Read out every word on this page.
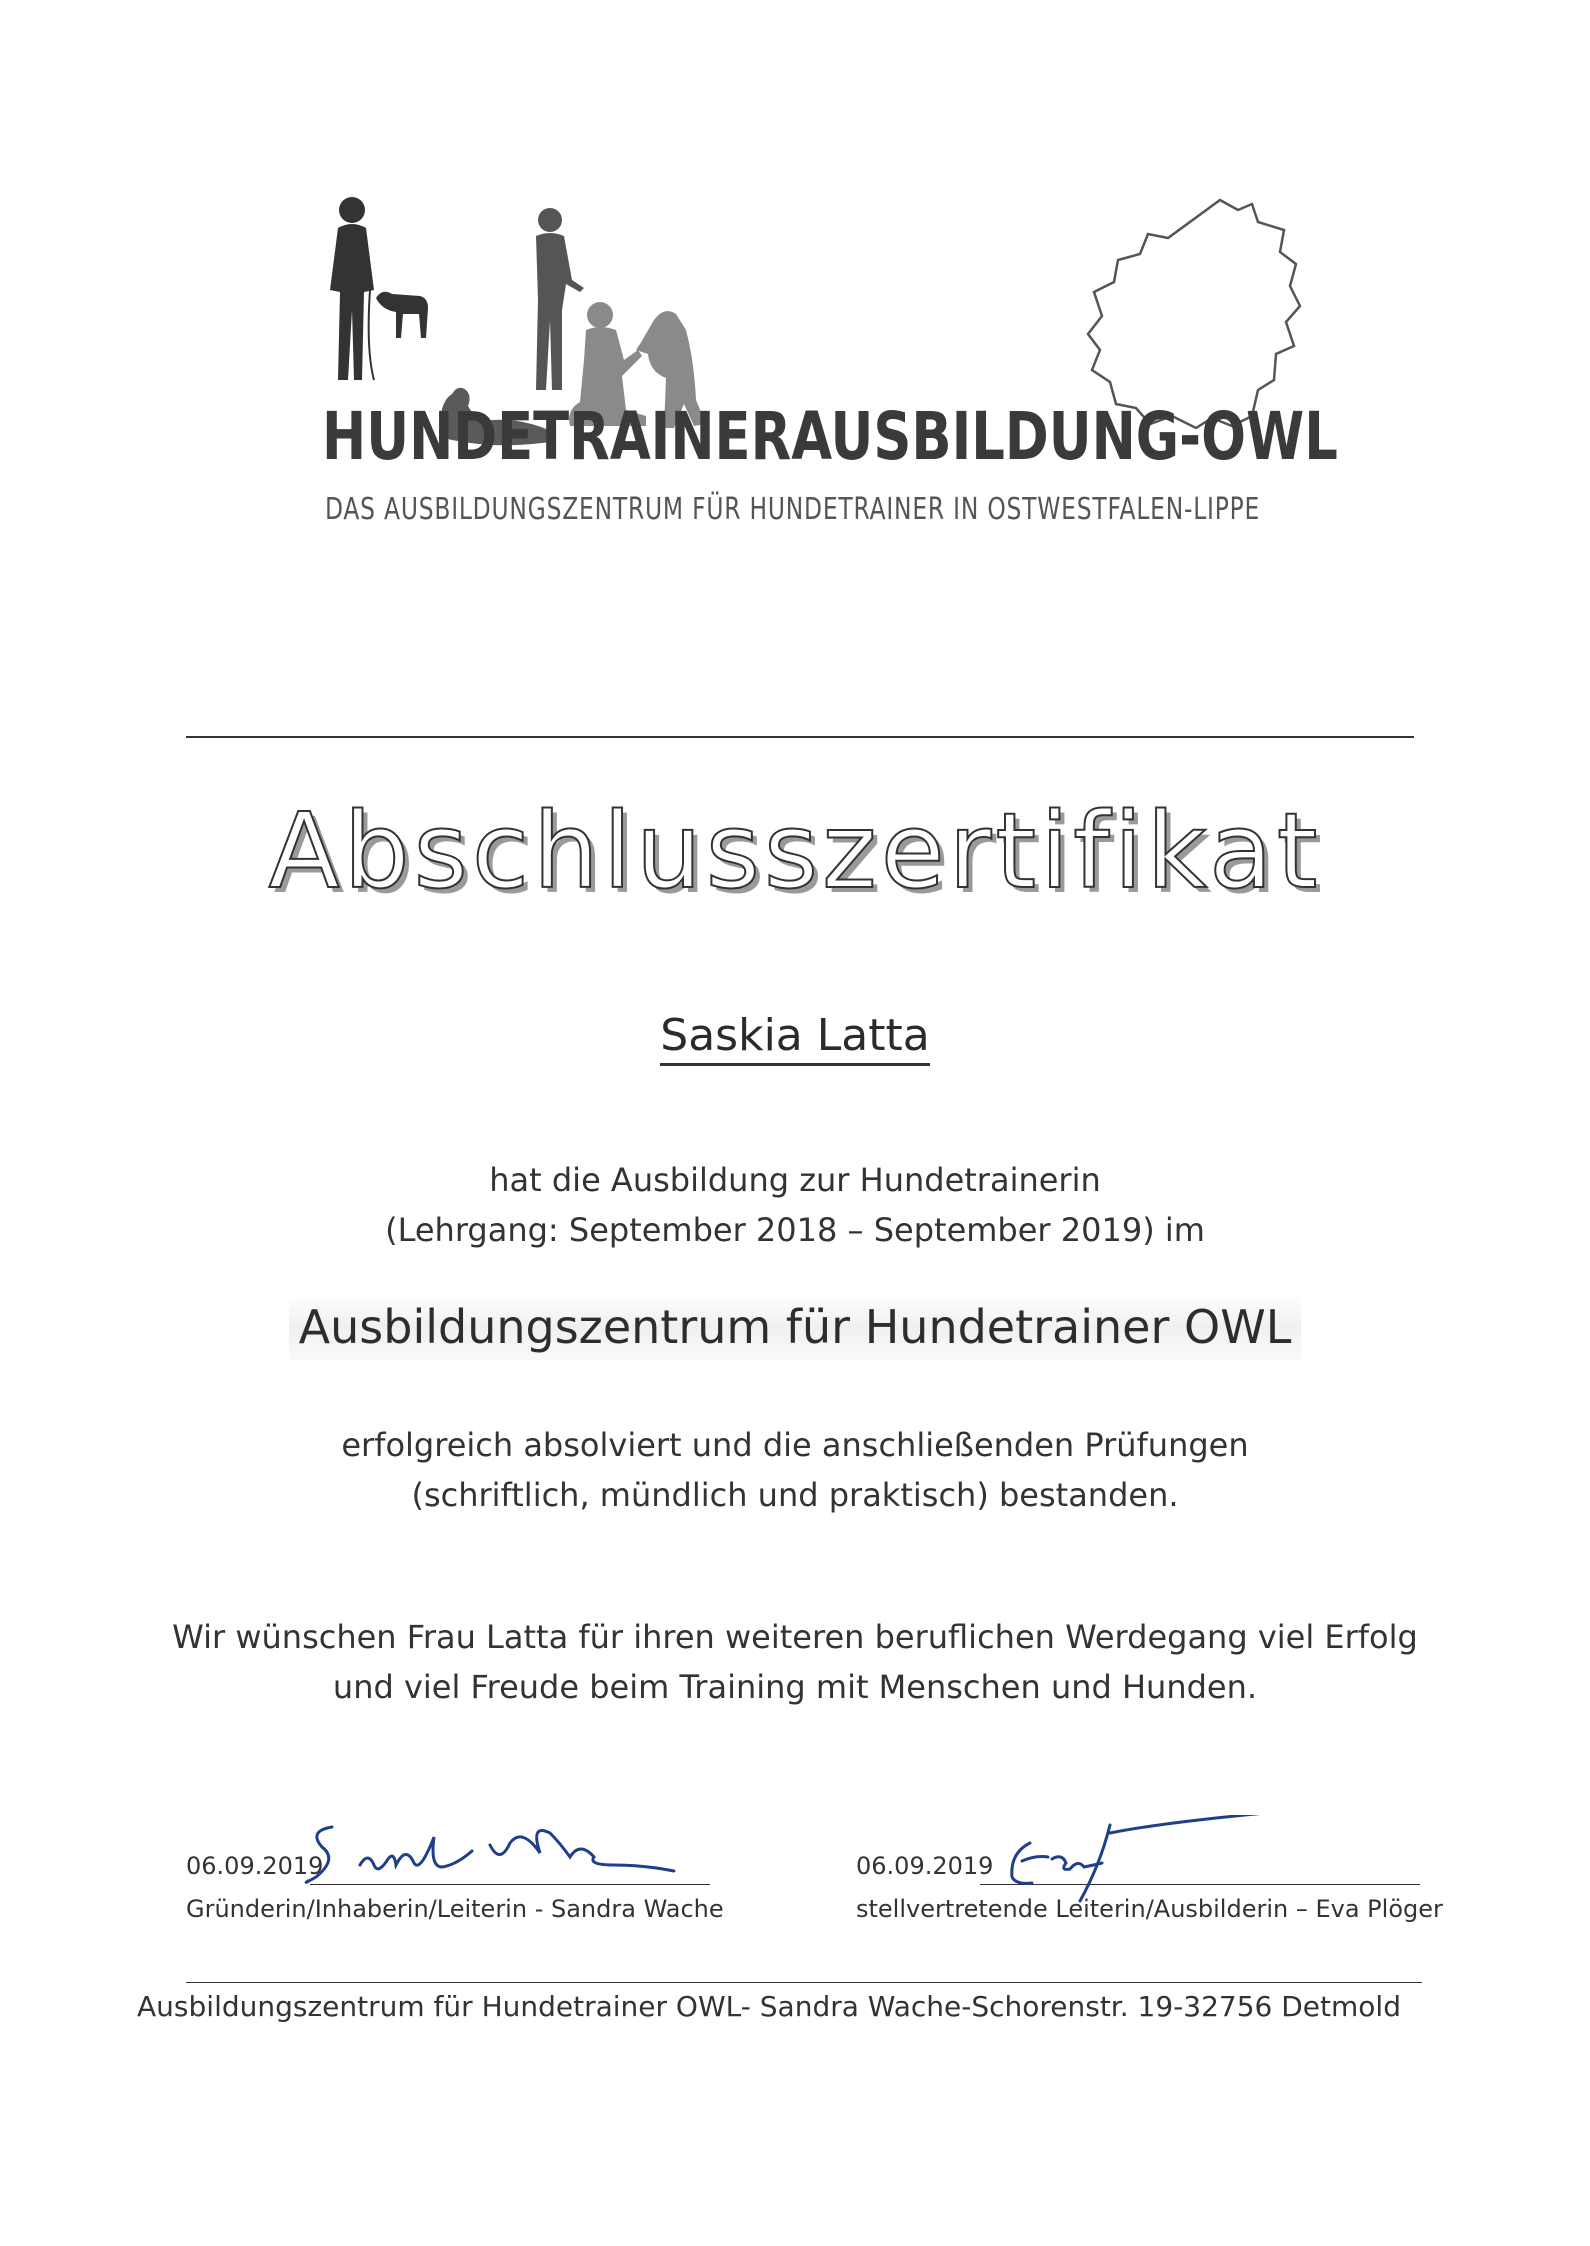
HUNDETRAINERAUSBILDUNG-OWL
DAS AUSBILDUNGSZENTRUM FÜR HUNDETRAINER IN OSTWESTFALEN-LIPPE
Abschlusszertifikat
Saskia Latta
hat die Ausbildung zur Hundetrainerin
(Lehrgang: September 2018 – September 2019) im
Ausbildungszentrum für Hundetrainer OWL
erfolgreich absolviert und die anschließenden Prüfungen
(schriftlich, mündlich und praktisch) bestanden.
Wir wünschen Frau Latta für ihren weiteren beruflichen Werdegang viel Erfolg
und viel Freude beim Training mit Menschen und Hunden.
06.09.2019
Gründerin/Inhaberin/Leiterin - Sandra Wache
06.09.2019
stellvertretende Leiterin/Ausbilderin – Eva Plöger
Ausbildungszentrum für Hundetrainer OWL- Sandra Wache-Schorenstr. 19-32756 Detmold
